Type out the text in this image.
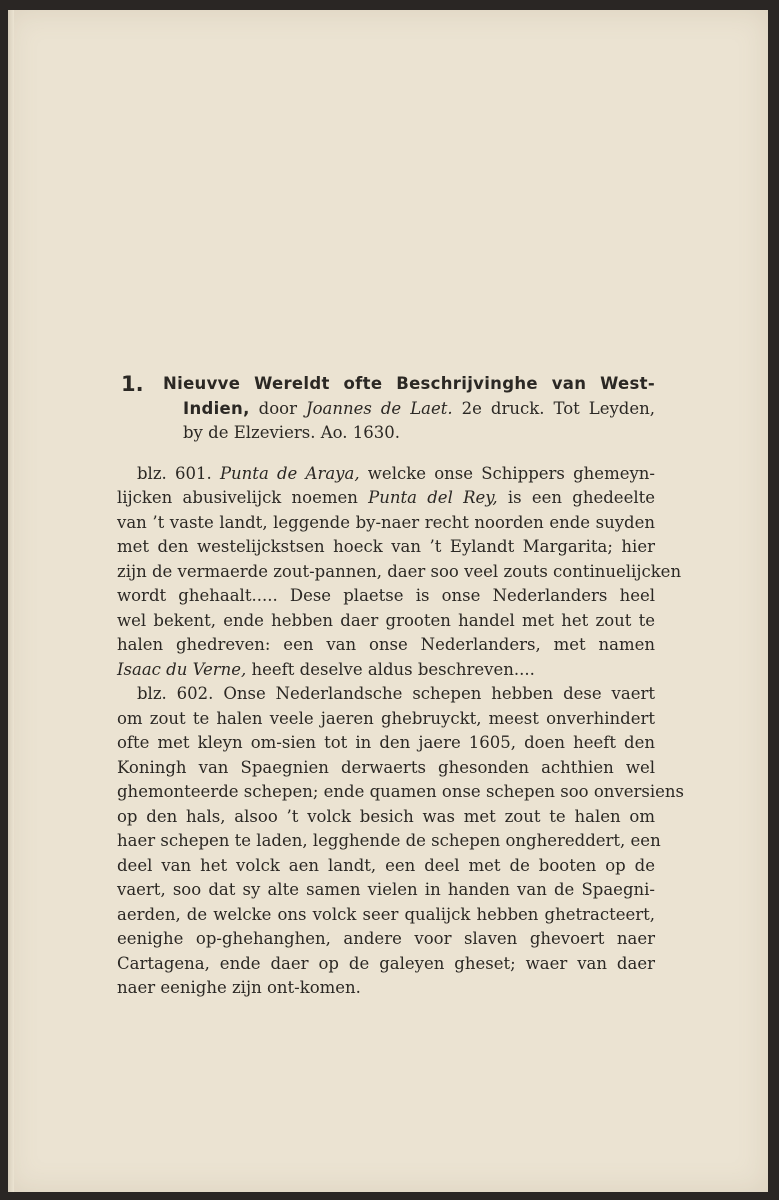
1. Nieuvve Wereldt ofte Beschrijvinghe van West-
Indien, door Joannes de Laet. 2e druck. Tot Leyden,
by de Elzeviers. Ao. 1630.
blz. 601. Punta de Araya, welcke onse Schippers ghemeyn-
lijcken abusivelijck noemen Punta del Rey, is een ghedeelte
van ’t vaste landt, leggende by-naer recht noorden ende suyden
met den westelijckstsen hoeck van ’t Eylandt Margarita; hier
zijn de vermaerde zout-pannen, daer soo veel zouts continuelijcken
wordt ghehaalt..... Dese plaetse is onse Nederlanders heel
wel bekent, ende hebben daer grooten handel met het zout te
halen ghedreven: een van onse Nederlanders, met namen
Isaac du Verne, heeft deselve aldus beschreven....
blz. 602. Onse Nederlandsche schepen hebben dese vaert
om zout te halen veele jaeren ghebruyckt, meest onverhindert
ofte met kleyn om-sien tot in den jaere 1605, doen heeft den
Koningh van Spaegnien derwaerts ghesonden achthien wel
ghemonteerde schepen; ende quamen onse schepen soo onversiens
op den hals, alsoo ’t volck besich was met zout te halen om
haer schepen te laden, legghende de schepen onghereddert, een
deel van het volck aen landt, een deel met de booten op de
vaert, soo dat sy alte samen vielen in handen van de Spaegni-
aerden, de welcke ons volck seer qualijck hebben ghetracteert,
eenighe op-ghehanghen, andere voor slaven ghevoert naer
Cartagena, ende daer op de galeyen gheset; waer van daer
naer eenighe zijn ont-komen.
